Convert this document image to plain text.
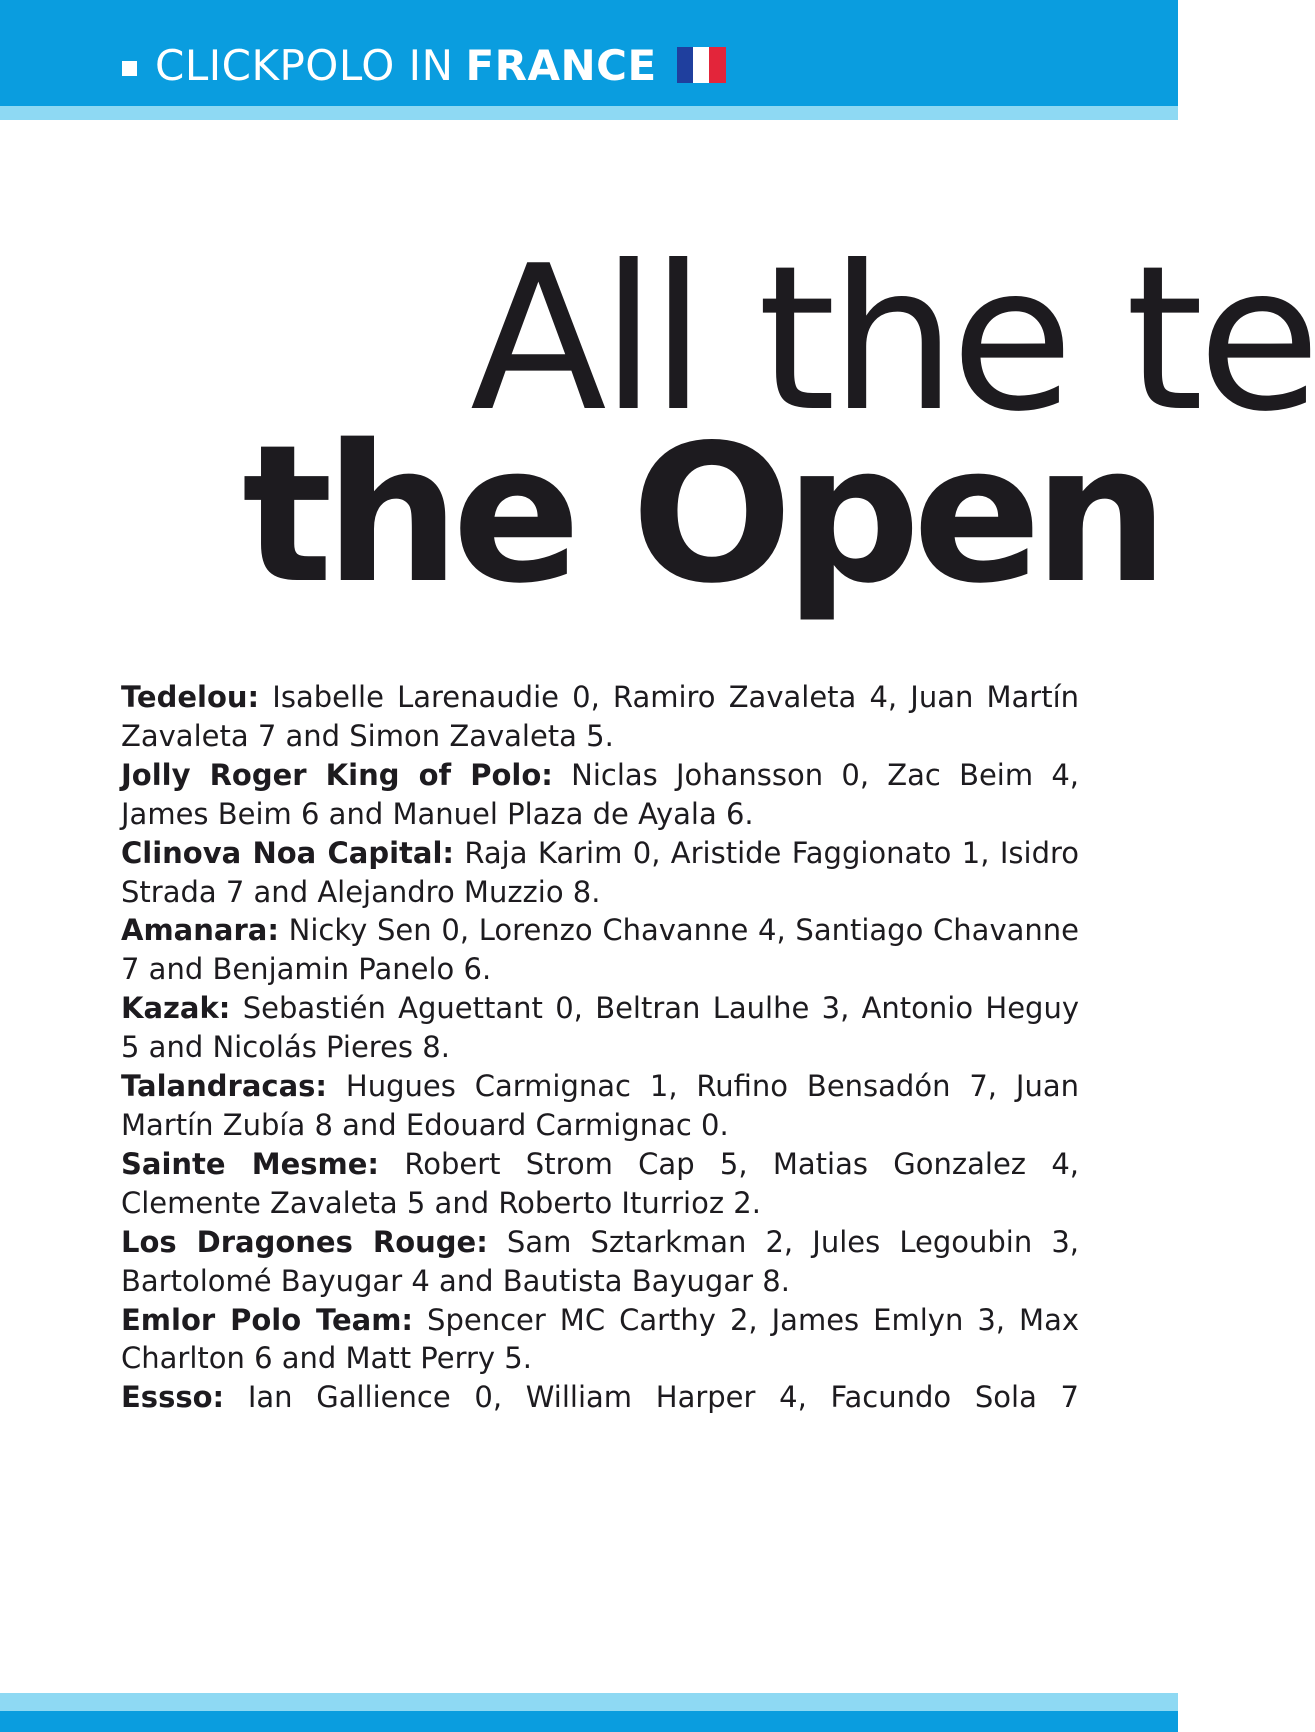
CLICKPOLO IN FRANCE
All the te
the Open

Tedelou: Isabelle Larenaudie 0, Ramiro Zavaleta 4, Juan Martín Zavaleta 7 and Simon Zavaleta 5.

Jolly Roger King of Polo: Niclas Johansson 0, Zac Beim 4, James Beim 6 and Manuel Plaza de Ayala 6.

Clinova Noa Capital: Raja Karim 0, Aristide Faggionato 1, Isidro Strada 7 and Alejandro Muzzio 8.

Amanara: Nicky Sen 0, Lorenzo Chavanne 4, Santiago Chavanne 7 and Benjamin Panelo 6.

Kazak: Sebastién Aguettant 0, Beltran Laulhe 3, Antonio Heguy 5 and Nicolás Pieres 8.

Talandracas: Hugues Carmignac 1, Rufino Bensadón 7, Juan Martín Zubía 8 and Edouard Carmignac 0.

Sainte Mesme: Robert Strom Cap 5, Matias Gonzalez 4, Clemente Zavaleta 5 and Roberto Iturrioz 2.

Los Dragones Rouge: Sam Sztarkman 2, Jules Legoubin 3, Bartolomé Bayugar 4 and Bautista Bayugar 8.

Emlor Polo Team: Spencer MC Carthy 2, James Emlyn 3, Max Charlton 6 and Matt Perry 5.

Essso: Ian Gallience 0, William Harper 4, Facundo Sola 7
